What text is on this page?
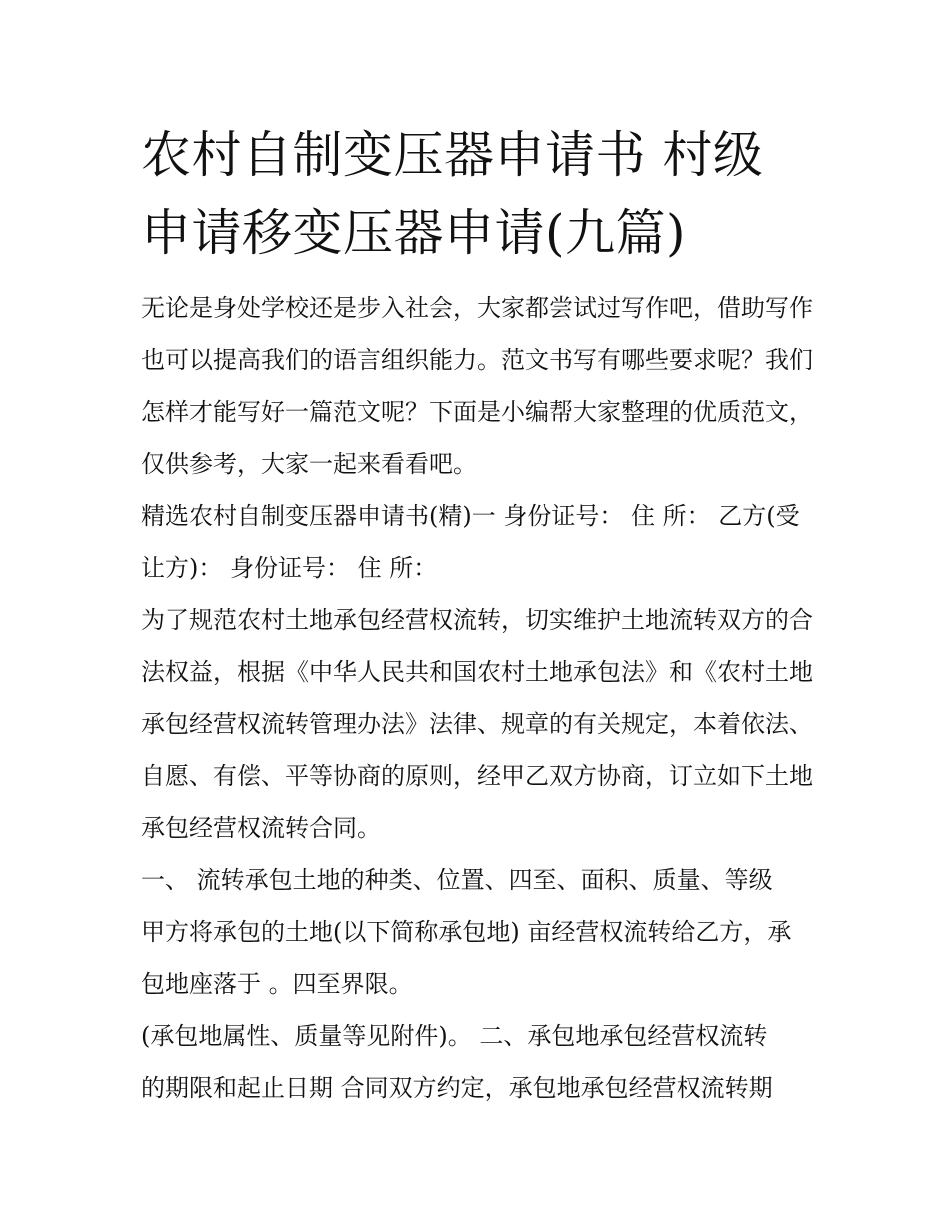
农村自制变压器申请书 村级申请移变压器申请(九篇)

无论是身处学校还是步入社会，大家都尝试过写作吧，借助写作也可以提高我们的语言组织能力。范文书写有哪些要求呢？我们怎样才能写好一篇范文呢？下面是小编帮大家整理的优质范文，仅供参考，大家一起来看看吧。

精选农村自制变压器申请书(精)一 身份证号： 住 所： 乙方(受让方)： 身份证号： 住 所：

为了规范农村土地承包经营权流转，切实维护土地流转双方的合法权益，根据《中华人民共和国农村土地承包法》和《农村土地承包经营权流转管理办法》法律、规章的有关规定，本着依法、自愿、有偿、平等协商的原则，经甲乙双方协商，订立如下土地承包经营权流转合同。

一、 流转承包土地的种类、位置、四至、面积、质量、等级

甲方将承包的土地(以下简称承包地) 亩经营权流转给乙方，承包地座落于 。四至界限。

(承包地属性、质量等见附件)。 二、承包地承包经营权流转

的期限和起止日期 合同双方约定，承包地承包经营权流转期
